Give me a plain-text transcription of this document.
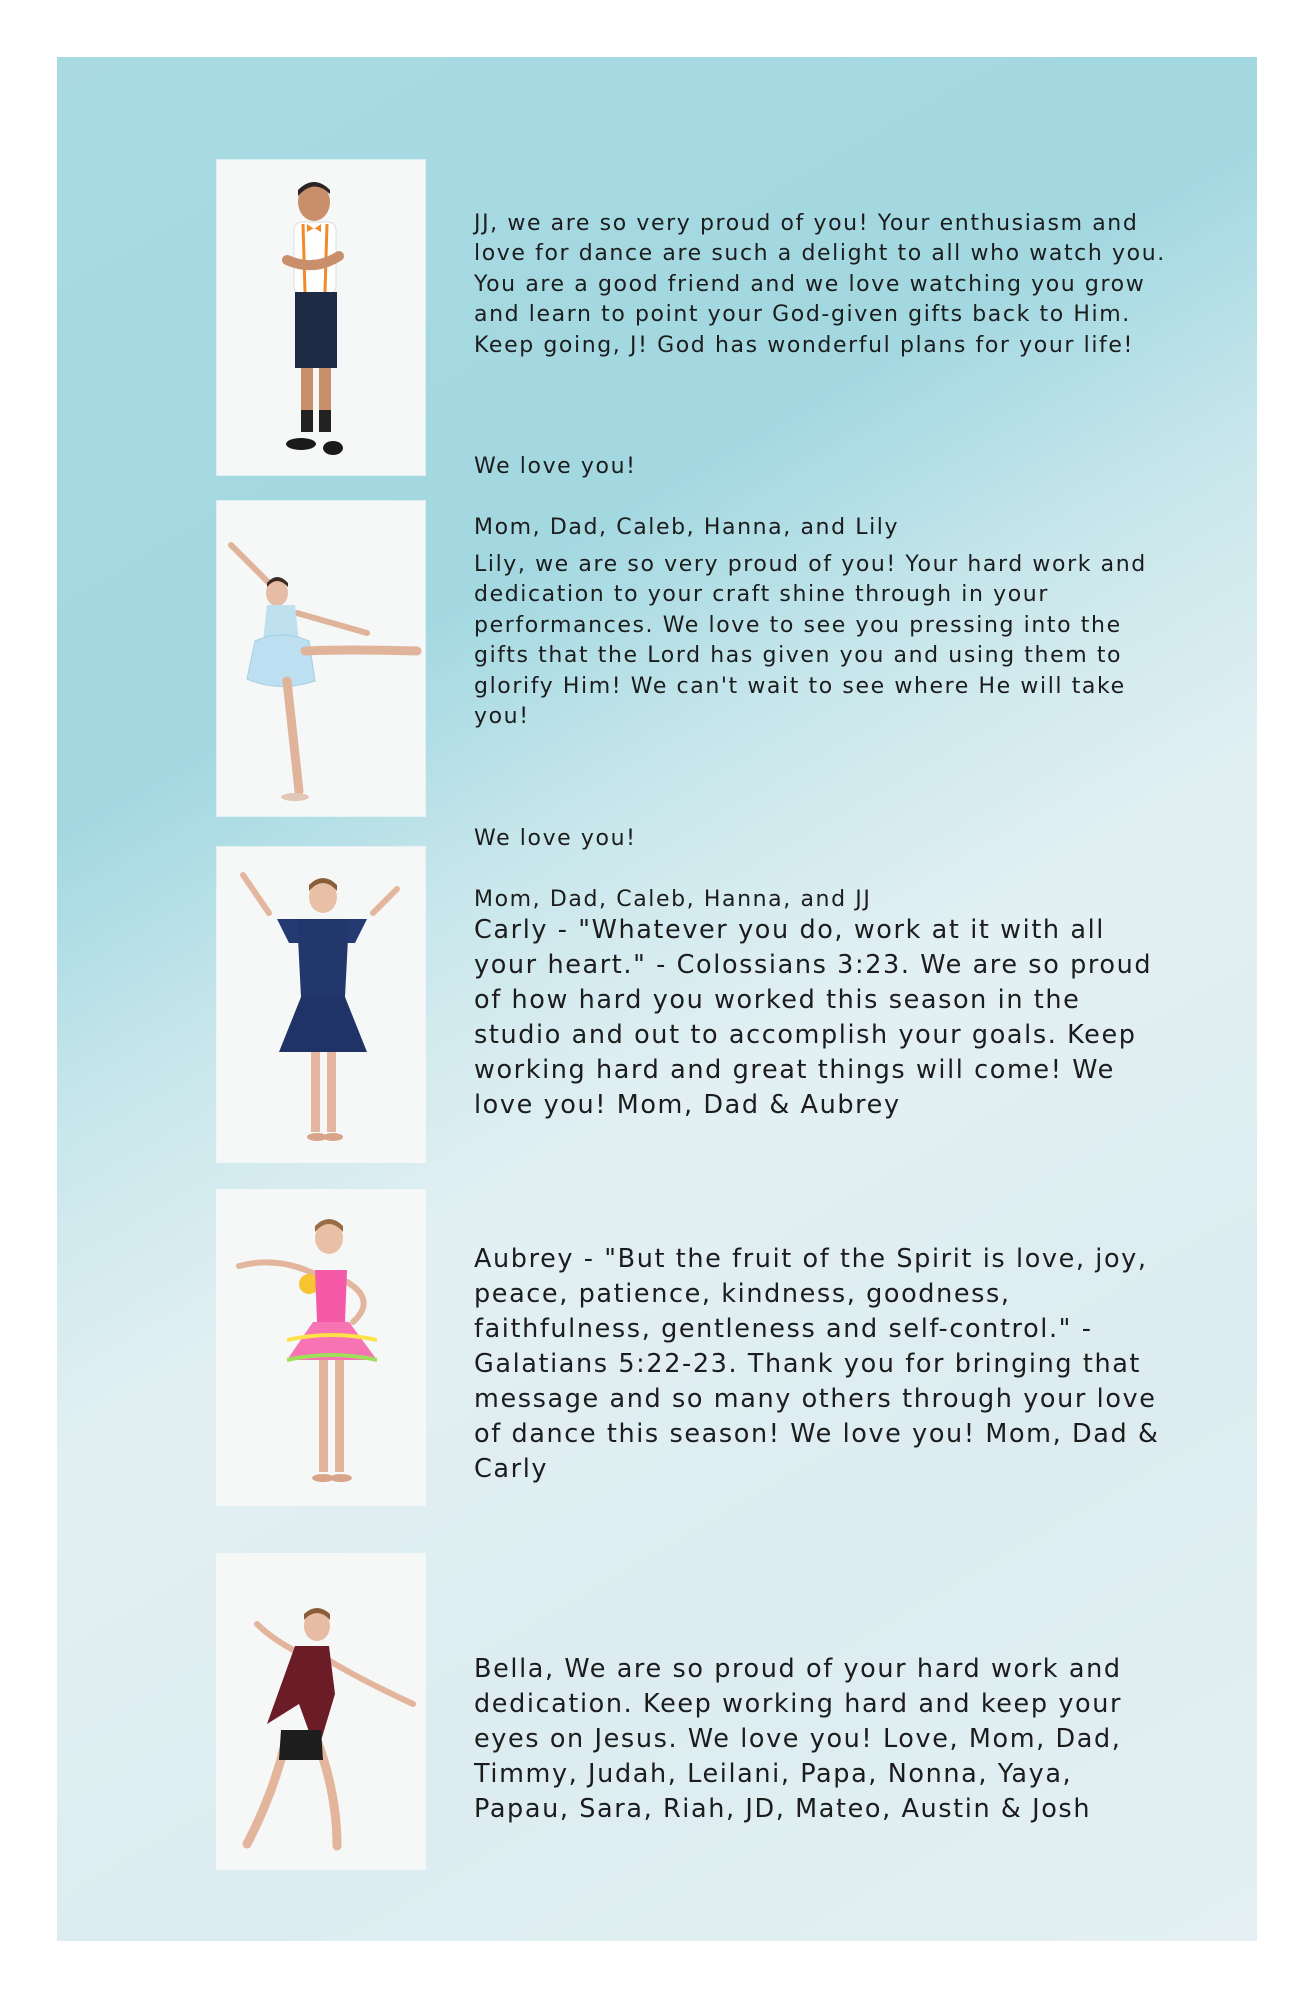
JJ, we are so very proud of you! Your enthusiasm and love for dance are such a delight to all who watch you. You are a good friend and we love watching you grow and learn to point your God-given gifts back to Him. Keep going, J! God has wonderful plans for your life!

We love you!

Mom, Dad, Caleb, Hanna, and Lily

Lily, we are so very proud of you! Your hard work and dedication to your craft shine through in your performances. We love to see you pressing into the gifts that the Lord has given you and using them to glorify Him! We can't wait to see where He will take you!

We love you!

Mom, Dad, Caleb, Hanna, and JJ

Carly - "Whatever you do, work at it with all your heart." - Colossians 3:23. We are so proud of how hard you worked this season in the studio and out to accomplish your goals. Keep working hard and great things will come! We love you! Mom, Dad & Aubrey

Aubrey - "But the fruit of the Spirit is love, joy, peace, patience, kindness, goodness, faithfulness, gentleness and self-control." - Galatians 5:22-23. Thank you for bringing that message and so many others through your love of dance this season! We love you! Mom, Dad & Carly

Bella, We are so proud of your hard work and dedication. Keep working hard and keep your eyes on Jesus. We love you! Love, Mom, Dad, Timmy, Judah, Leilani, Papa, Nonna, Yaya, Papau, Sara, Riah, JD, Mateo, Austin & Josh
